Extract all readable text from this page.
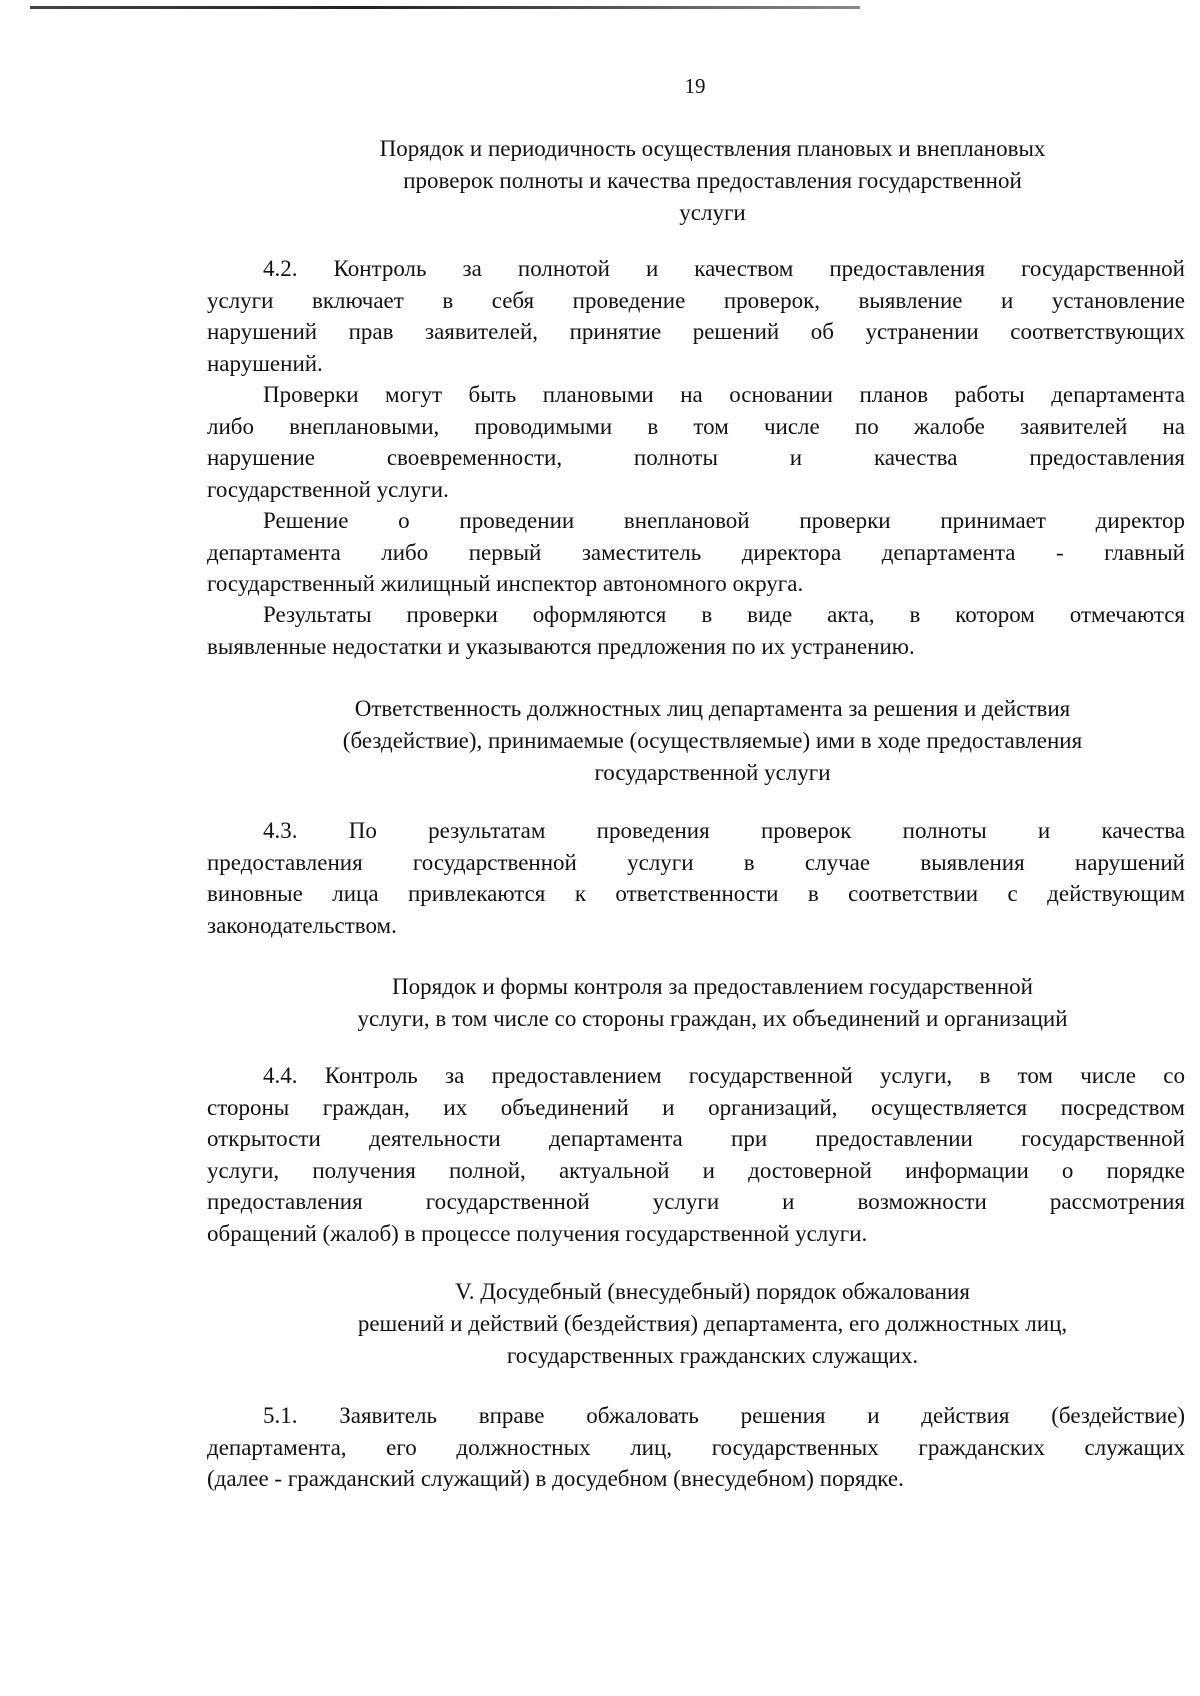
19
Порядок и периодичность осуществления плановых и внеплановых
проверок полноты и качества предоставления государственной
услуги
4.2. Контроль за полнотой и качеством предоставления государственной
услуги включает в себя проведение проверок, выявление и установление
нарушений прав заявителей, принятие решений об устранении соответствующих
нарушений.
Проверки могут быть плановыми на основании планов работы департамента
либо внеплановыми, проводимыми в том числе по жалобе заявителей на
нарушение своевременности, полноты и качества предоставления
государственной услуги.
Решение о проведении внеплановой проверки принимает директор
департамента либо первый заместитель директора департамента - главный
государственный жилищный инспектор автономного округа.
Результаты проверки оформляются в виде акта, в котором отмечаются
выявленные недостатки и указываются предложения по их устранению.
Ответственность должностных лиц департамента за решения и действия
(бездействие), принимаемые (осуществляемые) ими в ходе предоставления
государственной услуги
4.3. По результатам проведения проверок полноты и качества
предоставления государственной услуги в случае выявления нарушений
виновные лица привлекаются к ответственности в соответствии с действующим
законодательством.
Порядок и формы контроля за предоставлением государственной
услуги, в том числе со стороны граждан, их объединений и организаций
4.4. Контроль за предоставлением государственной услуги, в том числе со
стороны граждан, их объединений и организаций, осуществляется посредством
открытости деятельности департамента при предоставлении государственной
услуги, получения полной, актуальной и достоверной информации о порядке
предоставления государственной услуги и возможности рассмотрения
обращений (жалоб) в процессе получения государственной услуги.
V. Досудебный (внесудебный) порядок обжалования
решений и действий (бездействия) департамента, его должностных лиц,
государственных гражданских служащих.
5.1. Заявитель вправе обжаловать решения и действия (бездействие)
департамента, его должностных лиц, государственных гражданских служащих
(далее - гражданский служащий) в досудебном (внесудебном) порядке.
